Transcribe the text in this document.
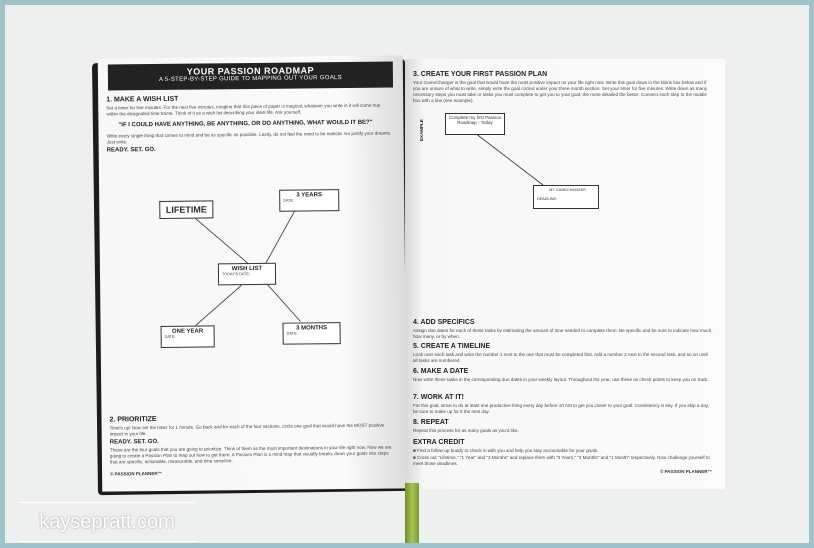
YOUR PASSION ROADMAP
A 5-STEP-BY-STEP GUIDE TO MAPPING OUT YOUR GOALS
1. MAKE A WISH LIST
Set a timer for five minutes. For the next five minutes, imagine that this piece of paper is magical; whatever you write in it will come true within the designated time frame. Think of it as a wish list describing your ideal life. Ask yourself,
"IF I COULD HAVE ANYTHING, BE ANYTHING, OR DO ANYTHING, WHAT WOULD IT BE?"
Write every single thing that comes to mind and be as specific as possible. Lastly, do not feel the need to be realistic nor justify your dreams. Just write.
READY. SET. GO.
LIFETIME
3 YEARS
DATE:
WISH LIST
TODAY'S DATE:
ONE YEAR
DATE:
3 MONTHS
DATE:
2. PRIORITIZE
Time's up! Now set the timer for 1 minute. Go back and for each of the four sections, circle one goal that would have the MOST positive impact in your life.
READY. SET. GO.
These are the four goals that you are going to prioritize. Think of them as the most important destinations in your life right now. Now we are going to create a Passion Plan to map out how to get there. A Passion Plan is a mind map that visually breaks down your goals into steps that are specific, actionable, measurable, and time sensitive.
© PASSION PLANNER™
3. CREATE YOUR FIRST PASSION PLAN
Your GameChanger is the goal that would have the most positive impact on your life right now. Write this goal down in the blank box below and if you are unsure of what to write, simply write the goal circled under your three month section. Set your timer for five minutes. Write down as many necessary steps you must take or tasks you must complete to get you to your goal; the more detailed the better. Connect each step to the middle box with a line (see example).
EXAMPLE
Complete my first Passion Roadmap - Today
MY GAMECHANGER
DEADLINE:
4. ADD SPECIFICS
Assign due dates for each of these tasks by estimating the amount of time needed to complete them. Be specific and be sure to indicate how much, how many, or by when.
5. CREATE A TIMELINE
Look over each task and write the number 1 next to the one that must be completed first. Add a number 2 next to the second task, and so on until all tasks are numbered.
6. MAKE A DATE
Now write these tasks in the corresponding due dates in your weekly layout. Throughout the year, use these as check points to keep you on track.
7. WORK AT IT!
For this goal, strive to do at least one productive thing every day before 10 AM to get you closer to your goal. Consistency is key. If you skip a day, be sure to make up for it the next day.
8. REPEAT
Repeat this process for as many goals as you'd like.
EXTRA CREDIT
■ Find a follow-up buddy to check in with you and help you stay accountable for your goals.
■ Cross out "Lifetime," "1 Year" and "3 Months" and replace them with "3 Years," "3 Months" and "1 Month" respectively. Now challenge yourself to meet those deadlines.
© PASSION PLANNER™
kaysepratt.com
